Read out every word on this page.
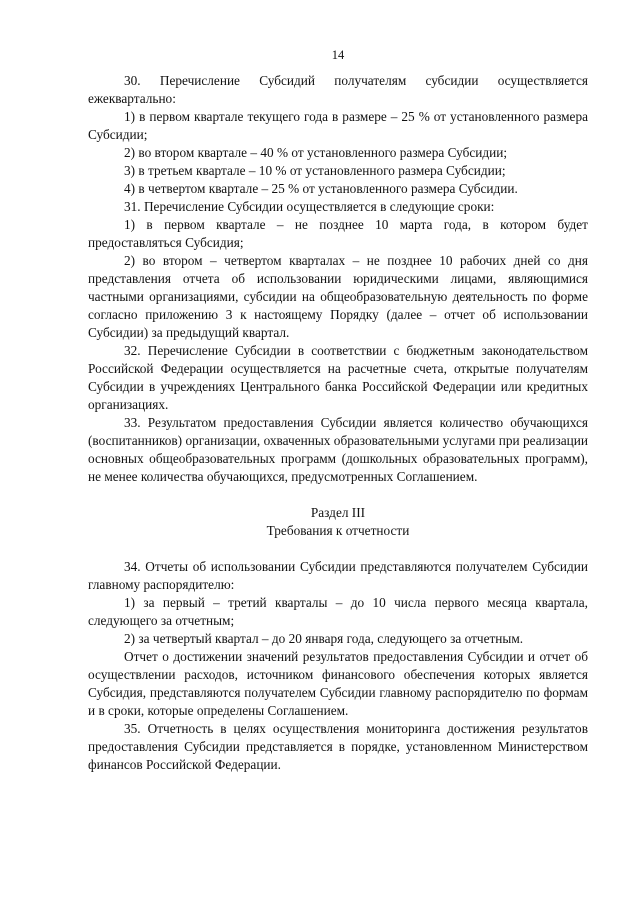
14

30. Перечисление Субсидий получателям субсидии осуществляется ежеквартально:

1) в первом квартале текущего года в размере – 25 % от установленного размера Субсидии;

2) во втором квартале – 40 % от установленного размера Субсидии;

3) в третьем квартале – 10 % от установленного размера Субсидии;

4) в четвертом квартале – 25 % от установленного размера Субсидии.

31. Перечисление Субсидии осуществляется в следующие сроки:

1) в первом квартале – не позднее 10 марта года, в котором будет предоставляться Субсидия;

2) во втором – четвертом кварталах – не позднее 10 рабочих дней со дня представления отчета об использовании юридическими лицами, являющимися частными организациями, субсидии на общеобразовательную деятельность по форме согласно приложению 3 к настоящему Порядку (далее – отчет об использовании Субсидии) за предыдущий квартал.

32. Перечисление Субсидии в соответствии с бюджетным законодательством Российской Федерации осуществляется на расчетные счета, открытые получателям Субсидии в учреждениях Центрального банка Российской Федерации или кредитных организациях.

33. Результатом предоставления Субсидии является количество обучающихся (воспитанников) организации, охваченных образовательными услугами при реализации основных общеобразовательных программ (дошкольных образовательных программ), не менее количества обучающихся, предусмотренных Соглашением.

Раздел III

Требования к отчетности

34. Отчеты об использовании Субсидии представляются получателем Субсидии главному распорядителю:

1) за первый – третий кварталы – до 10 числа первого месяца квартала, следующего за отчетным;

2) за четвертый квартал – до 20 января года, следующего за отчетным.

Отчет о достижении значений результатов предоставления Субсидии и отчет об осуществлении расходов, источником финансового обеспечения которых является Субсидия, представляются получателем Субсидии главному распорядителю по формам и в сроки, которые определены Соглашением.

35. Отчетность в целях осуществления мониторинга достижения результатов предоставления Субсидии представляется в порядке, установленном Министерством финансов Российской Федерации.
